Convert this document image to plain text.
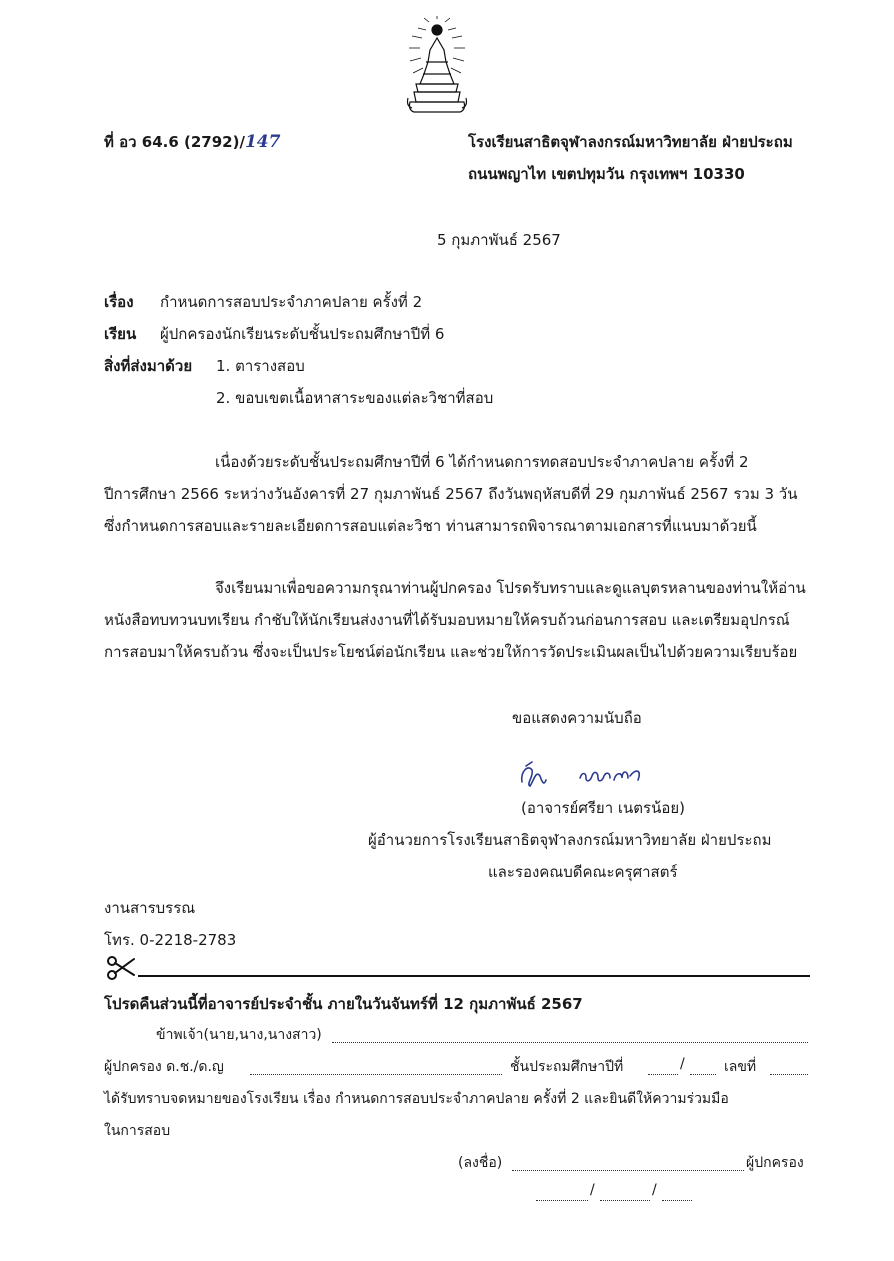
ที่ อว 64.6 (2792)/147	โรงเรียนสาธิตจุฬาลงกรณ์มหาวิทยาลัย ฝ่ายประถม
ถนนพญาไท เขตปทุมวัน กรุงเทพฯ 10330
5 กุมภาพันธ์ 2567
เรื่อง กำหนดการสอบประจำภาคปลาย ครั้งที่ 2
เรียน ผู้ปกครองนักเรียนระดับชั้นประถมศึกษาปีที่ 6
สิ่งที่ส่งมาด้วย 1. ตารางสอบ
2. ขอบเขตเนื้อหาสาระของแต่ละวิชาที่สอบ
เนื่องด้วยระดับชั้นประถมศึกษาปีที่ 6 ได้กำหนดการทดสอบประจำภาคปลาย ครั้งที่ 2
ปีการศึกษา 2566 ระหว่างวันอังคารที่ 27 กุมภาพันธ์ 2567 ถึงวันพฤหัสบดีที่ 29 กุมภาพันธ์ 2567 รวม 3 วัน
ซึ่งกำหนดการสอบและรายละเอียดการสอบแต่ละวิชา ท่านสามารถพิจารณาตามเอกสารที่แนบมาด้วยนี้
จึงเรียนมาเพื่อขอความกรุณาท่านผู้ปกครอง โปรดรับทราบและดูแลบุตรหลานของท่านให้อ่าน
หนังสือทบทวนบทเรียน กำชับให้นักเรียนส่งงานที่ได้รับมอบหมายให้ครบถ้วนก่อนการสอบ และเตรียมอุปกรณ์
การสอบมาให้ครบถ้วน ซึ่งจะเป็นประโยชน์ต่อนักเรียน และช่วยให้การวัดประเมินผลเป็นไปด้วยความเรียบร้อย
ขอแสดงความนับถือ
(อาจารย์ศรียา เนตรน้อย)
ผู้อำนวยการโรงเรียนสาธิตจุฬาลงกรณ์มหาวิทยาลัย ฝ่ายประถม
และรองคณบดีคณะครุศาสตร์
งานสารบรรณ
โทร. 0-2218-2783
โปรดคืนส่วนนี้ที่อาจารย์ประจำชั้น ภายในวันจันทร์ที่ 12 กุมภาพันธ์ 2567
ข้าพเจ้า(นาย,นาง,นางสาว)
ผู้ปกครอง ด.ช./ด.ญ	ชั้นประถมศึกษาปีที่	/	เลขที่
ได้รับทราบจดหมายของโรงเรียน เรื่อง กำหนดการสอบประจำภาคปลาย ครั้งที่ 2 และยินดีให้ความร่วมมือ
ในการสอบ
(ลงชื่อ)	ผู้ปกครอง
/	/
